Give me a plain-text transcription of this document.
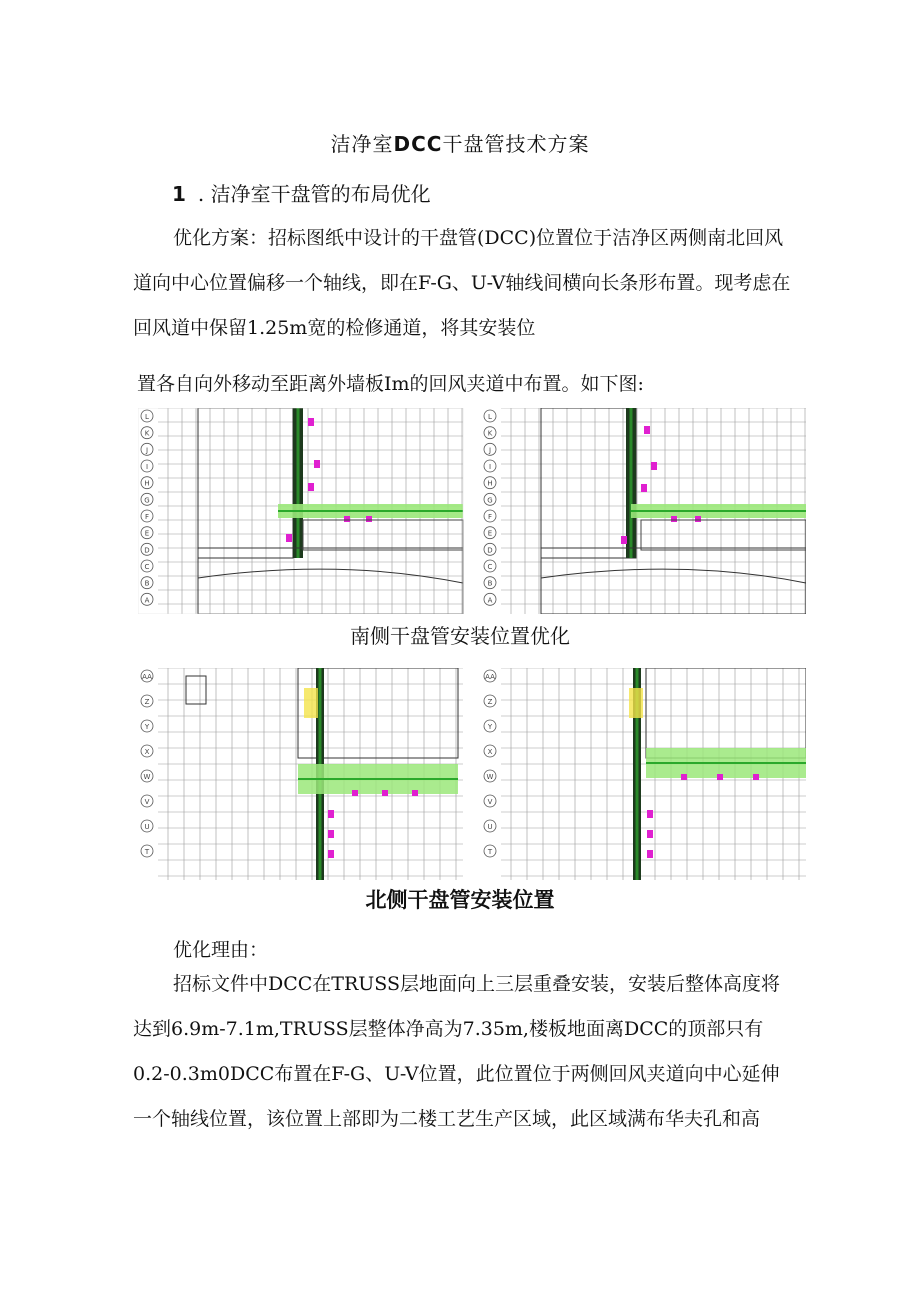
洁净室DCC干盘管技术方案
1 . 洁净室干盘管的布局优化
优化方案：招标图纸中设计的干盘管(DCC)位置位于洁净区两侧南北回风道向中心位置偏移一个轴线，即在F-G、U-V轴线间横向长条形布置。现考虑在回风道中保留1.25m宽的检修通道，将其安装位
置各自向外移动至距离外墙板Im的回风夹道中布置。如下图:
L
K
J
I
H
G
F
E
D
C
B
A
L
K
J
I
H
G
F
E
D
C
B
A
南侧干盘管安装位置优化
AA
Z
Y
X
W
V
U
T
AA
Z
Y
X
W
V
U
T
北侧干盘管安装位置
优化理由：
招标文件中DCC在TRUSS层地面向上三层重叠安装，安装后整体高度将达到6.9m-7.1m,TRUSS层整体净高为7.35m,楼板地面离DCC的顶部只有0.2-0.3m0DCC布置在F-G、U-V位置，此位置位于两侧回风夹道向中心延伸一个轴线位置，该位置上部即为二楼工艺生产区域，此区域满布华夫孔和高
